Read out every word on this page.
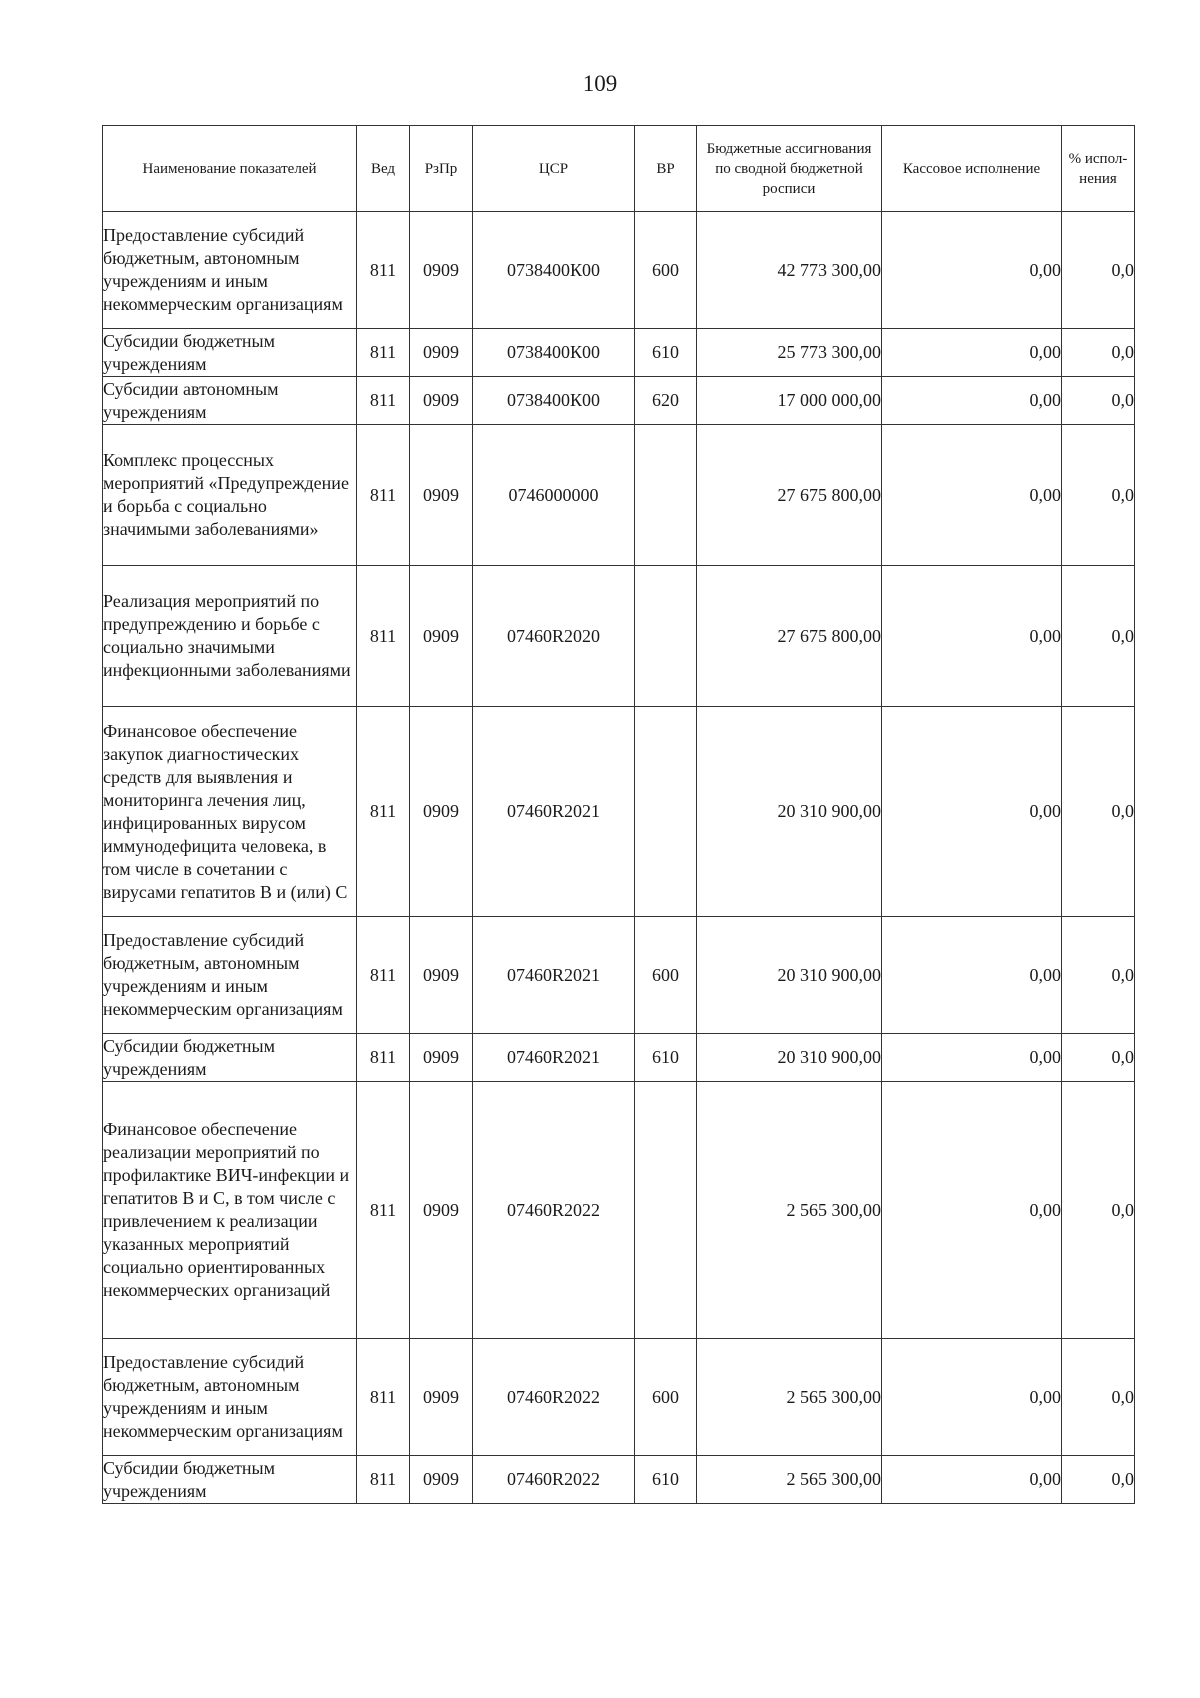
109
Наименование показателей	Вед	РзПр	ЦСР	ВР	Бюджетные ассигнования по сводной бюджетной росписи	Кассовое исполнение	% испол-нения
Предоставление субсидий бюджетным, автономным учреждениям и иным некоммерческим организациям	811	0909	0738400К00	600	42 773 300,00	0,00	0,0
Субсидии бюджетным учреждениям	811	0909	0738400К00	610	25 773 300,00	0,00	0,0
Субсидии автономным учреждениям	811	0909	0738400К00	620	17 000 000,00	0,00	0,0
Комплекс процессных мероприятий «Предупреждение и борьба с социально значимыми заболеваниями»	811	0909	0746000000		27 675 800,00	0,00	0,0
Реализация мероприятий по предупреждению и борьбе с социально значимыми инфекционными заболеваниями	811	0909	07460R2020		27 675 800,00	0,00	0,0
Финансовое обеспечение закупок диагностических средств для выявления и мониторинга лечения лиц, инфицированных вирусом иммунодефицита человека, в том числе в сочетании с вирусами гепатитов В и (или) С	811	0909	07460R2021		20 310 900,00	0,00	0,0
Предоставление субсидий бюджетным, автономным учреждениям и иным некоммерческим организациям	811	0909	07460R2021	600	20 310 900,00	0,00	0,0
Субсидии бюджетным учреждениям	811	0909	07460R2021	610	20 310 900,00	0,00	0,0
Финансовое обеспечение реализации мероприятий по профилактике ВИЧ-инфекции и гепатитов В и С, в том числе с привлечением к реализации указанных мероприятий социально ориентированных некоммерческих организаций	811	0909	07460R2022		2 565 300,00	0,00	0,0
Предоставление субсидий бюджетным, автономным учреждениям и иным некоммерческим организациям	811	0909	07460R2022	600	2 565 300,00	0,00	0,0
Субсидии бюджетным учреждениям	811	0909	07460R2022	610	2 565 300,00	0,00	0,0
